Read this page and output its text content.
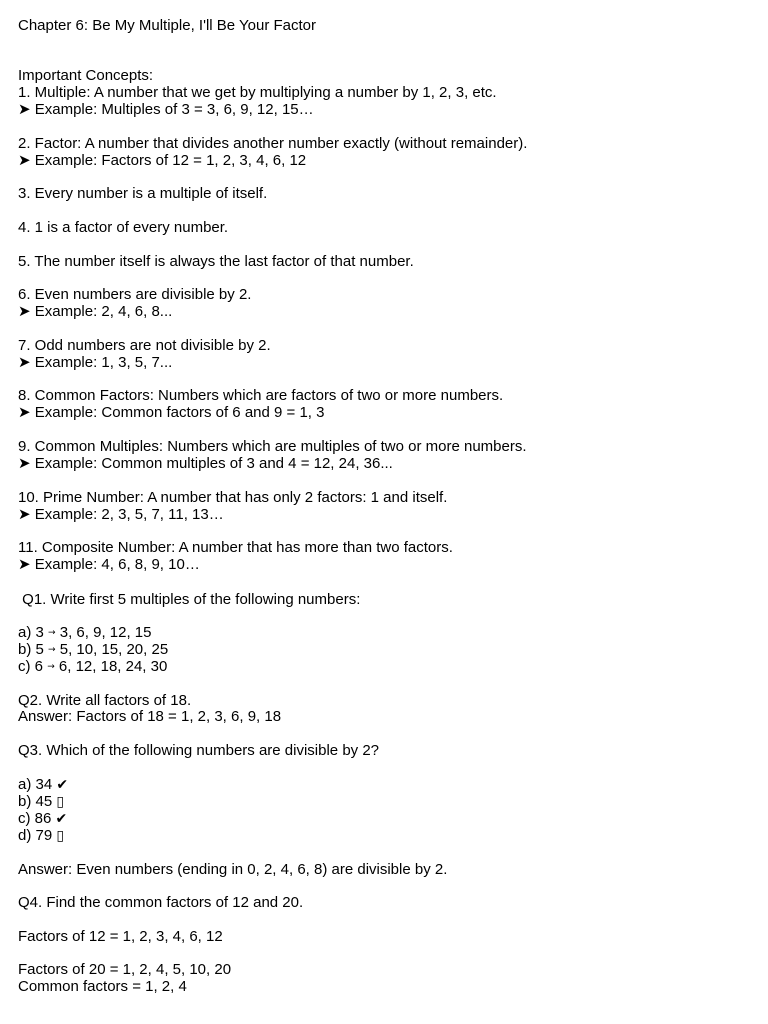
Chapter 6: Be My Multiple, I'll Be Your Factor
Important Concepts:
1. Multiple: A number that we get by multiplying a number by 1, 2, 3, etc.
➤ Example: Multiples of 3 = 3, 6, 9, 12, 15…
2. Factor: A number that divides another number exactly (without remainder).
➤ Example: Factors of 12 = 1, 2, 3, 4, 6, 12
3. Every number is a multiple of itself.
4. 1 is a factor of every number.
5. The number itself is always the last factor of that number.
6. Even numbers are divisible by 2.
➤ Example: 2, 4, 6, 8...
7. Odd numbers are not divisible by 2.
➤ Example: 1, 3, 5, 7...
8. Common Factors: Numbers which are factors of two or more numbers.
➤ Example: Common factors of 6 and 9 = 1, 3
9. Common Multiples: Numbers which are multiples of two or more numbers.
➤ Example: Common multiples of 3 and 4 = 12, 24, 36...
10. Prime Number: A number that has only 2 factors: 1 and itself.
➤ Example: 2, 3, 5, 7, 11, 13…
11. Composite Number: A number that has more than two factors.
➤ Example: 4, 6, 8, 9, 10…
Q1. Write first 5 multiples of the following numbers:
a) 3 → 3, 6, 9, 12, 15
b) 5 → 5, 10, 15, 20, 25
c) 6 → 6, 12, 18, 24, 30
Q2. Write all factors of 18.
Answer: Factors of 18 = 1, 2, 3, 6, 9, 18
Q3. Which of the following numbers are divisible by 2?
a) 34 ✔
b) 45 ▯
c) 86 ✔
d) 79 ▯
Answer: Even numbers (ending in 0, 2, 4, 6, 8) are divisible by 2.
Q4. Find the common factors of 12 and 20.
Factors of 12 = 1, 2, 3, 4, 6, 12
Factors of 20 = 1, 2, 4, 5, 10, 20
Common factors = 1, 2, 4
